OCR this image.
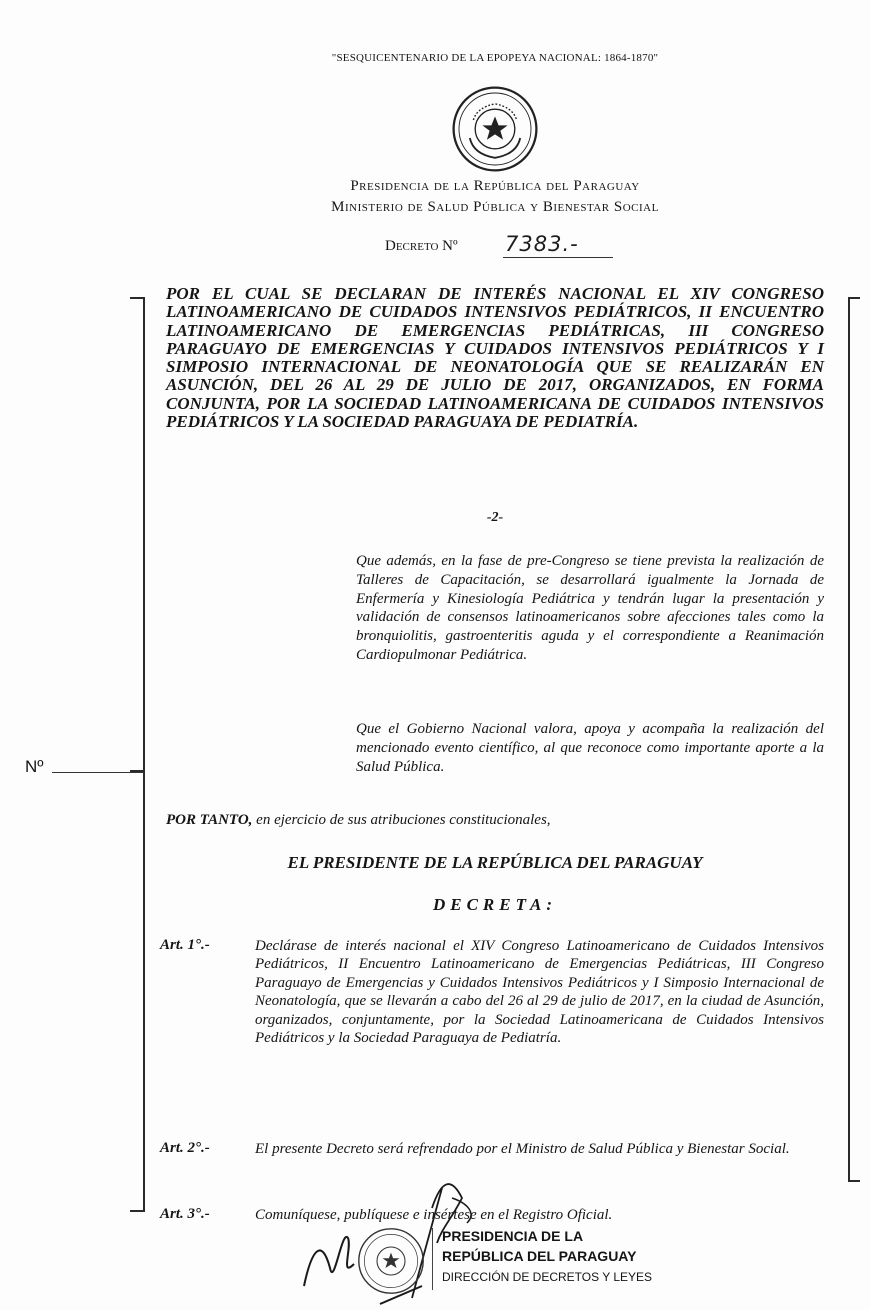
"SESQUICENTENARIO DE LA EPOPEYA NACIONAL: 1864-1870"
Presidencia de la República del Paraguay
Ministerio de Salud Pública y Bienestar Social
Decreto Nº 7383.-
Nº
POR EL CUAL SE DECLARAN DE INTERÉS NACIONAL EL XIV CONGRESO LATINOAMERICANO DE CUIDADOS INTENSIVOS PEDIÁTRICOS, II ENCUENTRO LATINOAMERICANO DE EMERGENCIAS PEDIÁTRICAS, III CONGRESO PARAGUAYO DE EMERGENCIAS Y CUIDADOS INTENSIVOS PEDIÁTRICOS Y I SIMPOSIO INTERNACIONAL DE NEONATOLOGÍA QUE SE REALIZARÁN EN ASUNCIÓN, DEL 26 AL 29 DE JULIO DE 2017, ORGANIZADOS, EN FORMA CONJUNTA, POR LA SOCIEDAD LATINOAMERICANA DE CUIDADOS INTENSIVOS PEDIÁTRICOS Y LA SOCIEDAD PARAGUAYA DE PEDIATRÍA.
-2-
Que además, en la fase de pre-Congreso se tiene prevista la realización de Talleres de Capacitación, se desarrollará igualmente la Jornada de Enfermería y Kinesiología Pediátrica y tendrán lugar la presentación y validación de consensos latinoamericanos sobre afecciones tales como la bronquiolitis, gastroenteritis aguda y el correspondiente a Reanimación Cardiopulmonar Pediátrica.
Que el Gobierno Nacional valora, apoya y acompaña la realización del mencionado evento científico, al que reconoce como importante aporte a la Salud Pública.
POR TANTO, en ejercicio de sus atribuciones constitucionales,
EL PRESIDENTE DE LA REPÚBLICA DEL PARAGUAY
DECRETA:
Art. 1°.-	Declárase de interés nacional el XIV Congreso Latinoamericano de Cuidados Intensivos Pediátricos, II Encuentro Latinoamericano de Emergencias Pediátricas, III Congreso Paraguayo de Emergencias y Cuidados Intensivos Pediátricos y I Simposio Internacional de Neonatología, que se llevarán a cabo del 26 al 29 de julio de 2017, en la ciudad de Asunción, organizados, conjuntamente, por la Sociedad Latinoamericana de Cuidados Intensivos Pediátricos y la Sociedad Paraguaya de Pediatría.
Art. 2°.-	El presente Decreto será refrendado por el Ministro de Salud Pública y Bienestar Social.
Art. 3°.-	Comuníquese, publíquese e insértese en el Registro Oficial.
PRESIDENCIA DE LA
REPÚBLICA DEL PARAGUAY
DIRECCIÓN DE DECRETOS Y LEYES
